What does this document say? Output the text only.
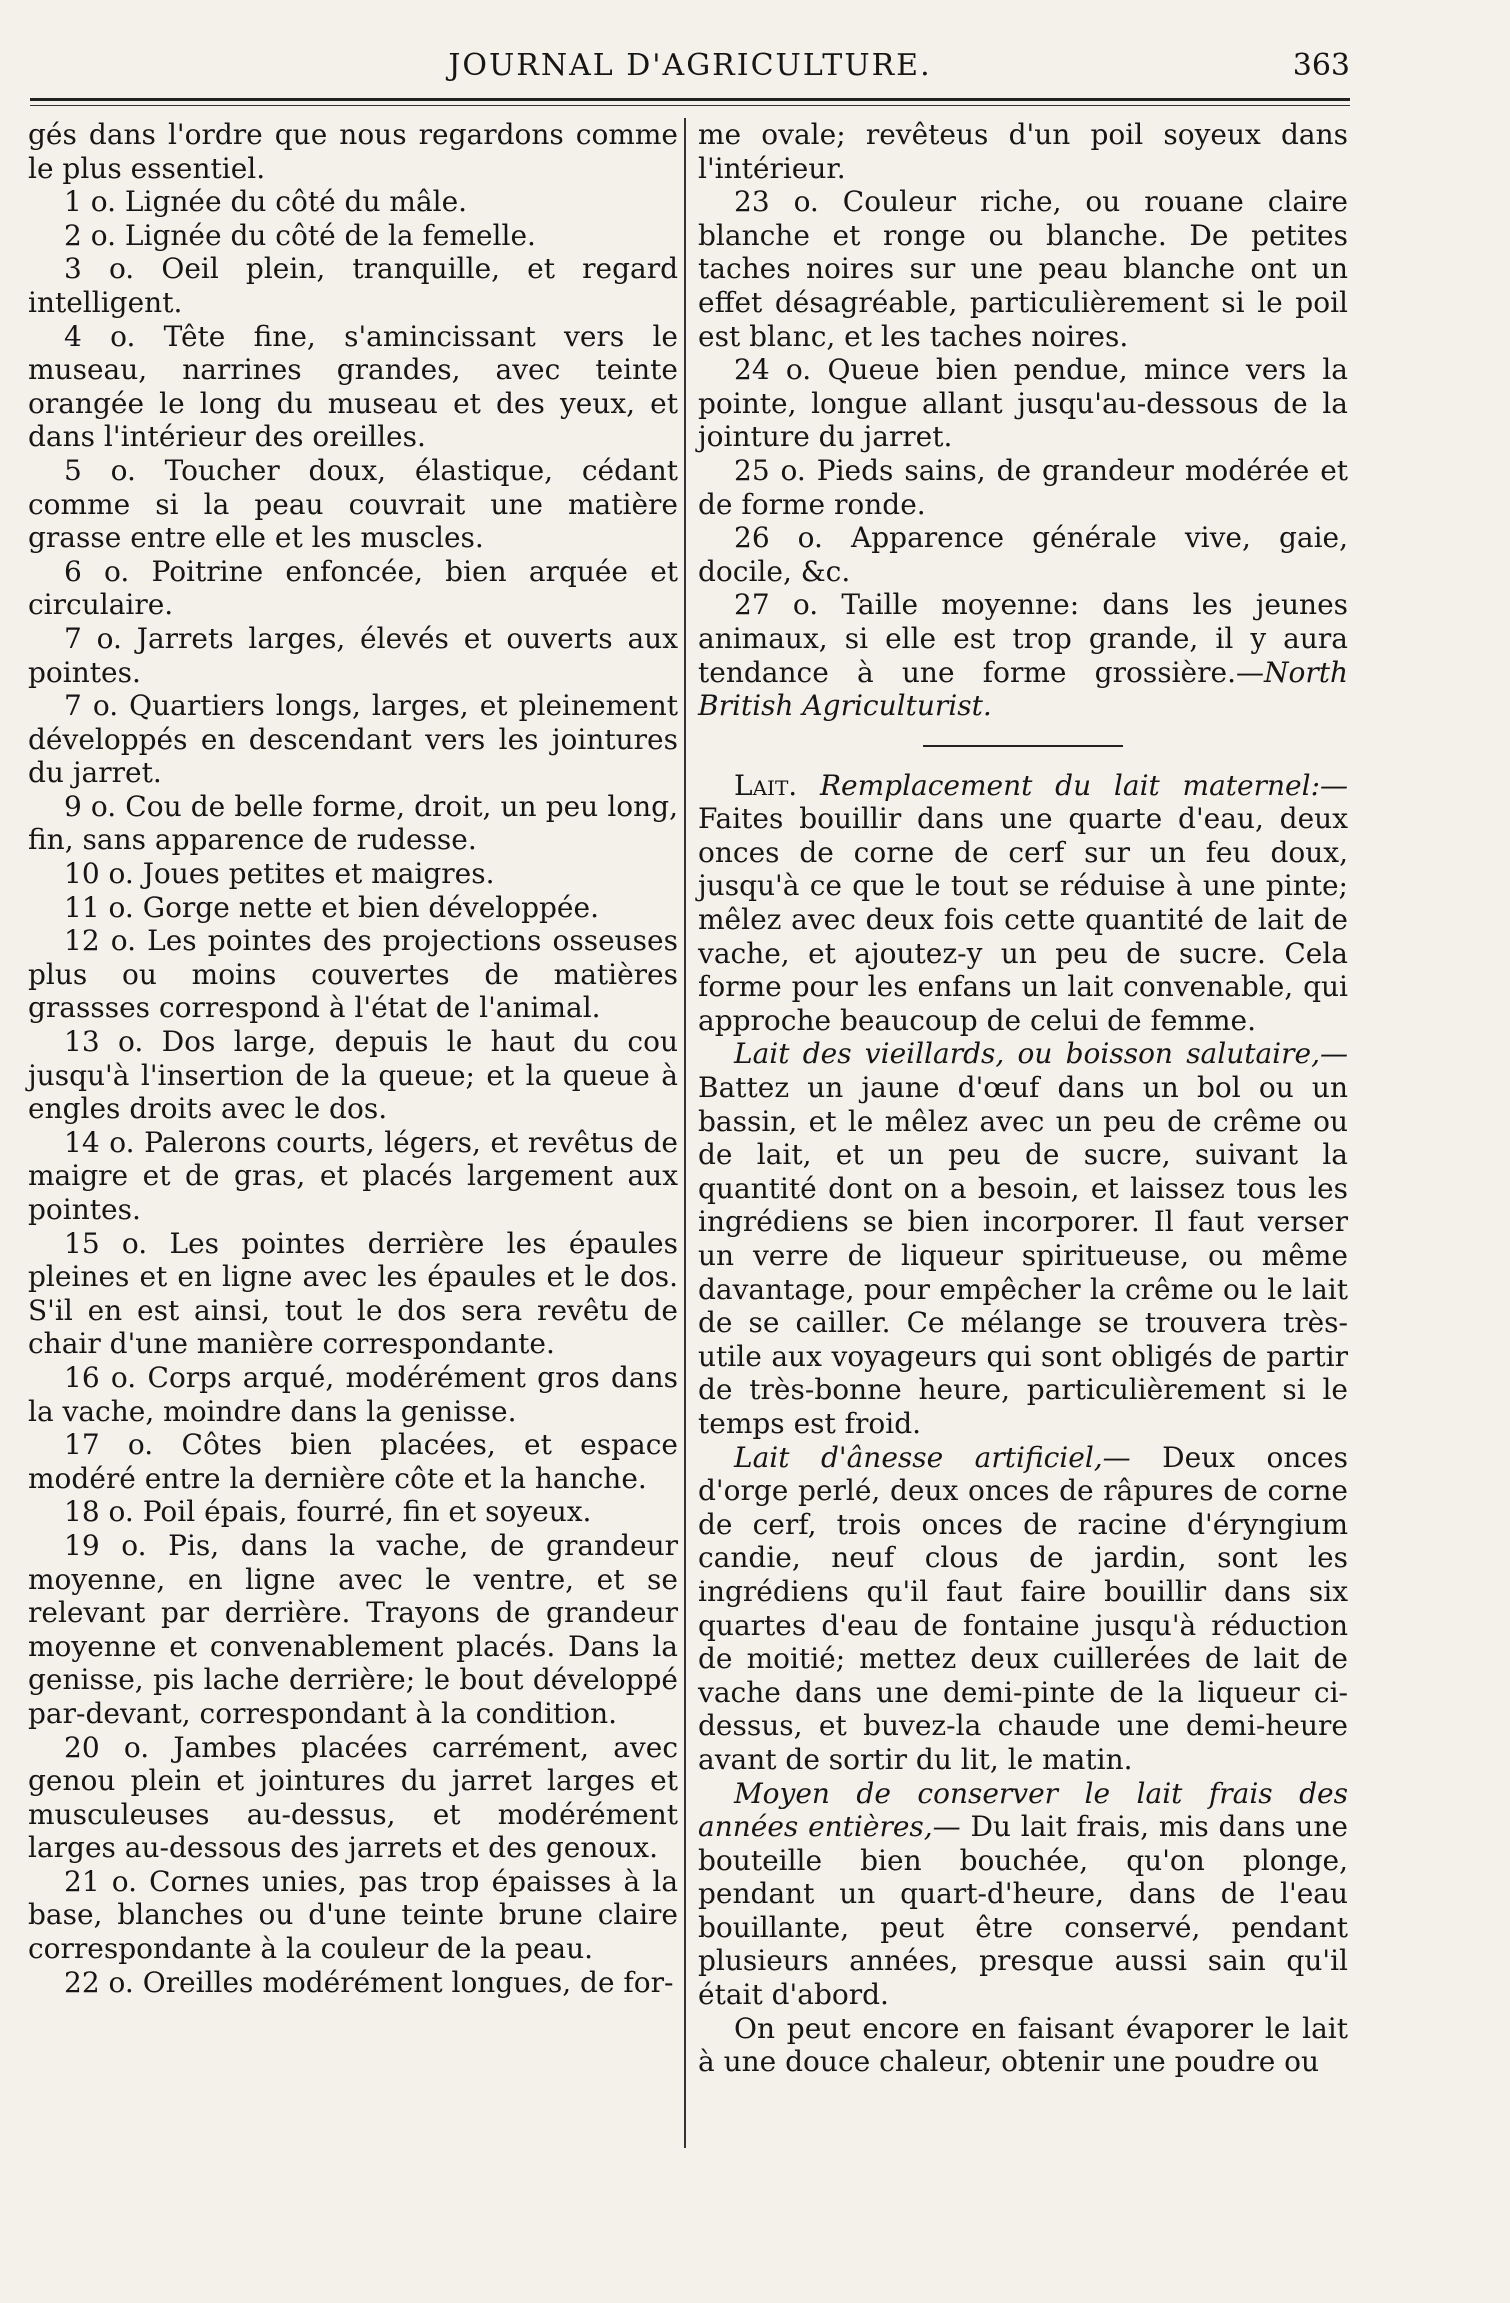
JOURNAL D'AGRICULTURE.	363

gés dans l'ordre que nous regardons comme le plus essentiel.

1 o. Lignée du côté du mâle.

2 o. Lignée du côté de la femelle.

3 o. Oeil plein, tranquille, et regard intelligent.

4 o. Tête fine, s'amincissant vers le museau, narrines grandes, avec teinte orangée le long du museau et des yeux, et dans l'intérieur des oreilles.

5 o. Toucher doux, élastique, cédant comme si la peau couvrait une matière grasse entre elle et les muscles.

6 o. Poitrine enfoncée, bien arquée et circulaire.

7 o. Jarrets larges, élevés et ouverts aux pointes.

7 o. Quartiers longs, larges, et pleinement développés en descendant vers les jointures du jarret.

9 o. Cou de belle forme, droit, un peu long, fin, sans apparence de rudesse.

10 o. Joues petites et maigres.

11 o. Gorge nette et bien développée.

12 o. Les pointes des projections osseuses plus ou moins couvertes de matières grassses correspond à l'état de l'animal.

13 o. Dos large, depuis le haut du cou jusqu'à l'insertion de la queue; et la queue à engles droits avec le dos.

14 o. Palerons courts, légers, et revêtus de maigre et de gras, et placés largement aux pointes.

15 o. Les pointes derrière les épaules pleines et en ligne avec les épaules et le dos. S'il en est ainsi, tout le dos sera revêtu de chair d'une manière correspondante.

16 o. Corps arqué, modérément gros dans la vache, moindre dans la genisse.

17 o. Côtes bien placées, et espace modéré entre la dernière côte et la hanche.

18 o. Poil épais, fourré, fin et soyeux.

19 o. Pis, dans la vache, de grandeur moyenne, en ligne avec le ventre, et se relevant par derrière. Trayons de grandeur moyenne et convenablement placés. Dans la genisse, pis lache derrière; le bout développé par-devant, correspondant à la condition.

20 o. Jambes placées carrément, avec genou plein et jointures du jarret larges et musculeuses au-dessus, et modérément larges au-dessous des jarrets et des genoux.

21 o. Cornes unies, pas trop épaisses à la base, blanches ou d'une teinte brune claire correspondante à la couleur de la peau.

22 o. Oreilles modérément longues, de for-

me ovale; revêteus d'un poil soyeux dans l'intérieur.

23 o. Couleur riche, ou rouane claire blanche et ronge ou blanche. De petites taches noires sur une peau blanche ont un effet désagréable, particulièrement si le poil est blanc, et les taches noires.

24 o. Queue bien pendue, mince vers la pointe, longue allant jusqu'au-dessous de la jointure du jarret.

25 o. Pieds sains, de grandeur modérée et de forme ronde.

26 o. Apparence générale vive, gaie, docile, &c.

27 o. Taille moyenne: dans les jeunes animaux, si elle est trop grande, il y aura tendance à une forme grossière.—North British Agriculturist.

Lait. Remplacement du lait maternel:— Faites bouillir dans une quarte d'eau, deux onces de corne de cerf sur un feu doux, jusqu'à ce que le tout se réduise à une pinte; mêlez avec deux fois cette quantité de lait de vache, et ajoutez-y un peu de sucre. Cela forme pour les enfans un lait convenable, qui approche beaucoup de celui de femme.

Lait des vieillards, ou boisson salutaire,— Battez un jaune d'œuf dans un bol ou un bassin, et le mêlez avec un peu de crême ou de lait, et un peu de sucre, suivant la quantité dont on a besoin, et laissez tous les ingrédiens se bien incorporer. Il faut verser un verre de liqueur spiritueuse, ou même davantage, pour empêcher la crême ou le lait de se cailler. Ce mélange se trouvera très-utile aux voyageurs qui sont obligés de partir de très-bonne heure, particulièrement si le temps est froid.

Lait d'ânesse artificiel,— Deux onces d'orge perlé, deux onces de râpures de corne de cerf, trois onces de racine d'éryngium candie, neuf clous de jardin, sont les ingrédiens qu'il faut faire bouillir dans six quartes d'eau de fontaine jusqu'à réduction de moitié; mettez deux cuillerées de lait de vache dans une demi-pinte de la liqueur ci-dessus, et buvez-la chaude une demi-heure avant de sortir du lit, le matin.

Moyen de conserver le lait frais des années entières,— Du lait frais, mis dans une bouteille bien bouchée, qu'on plonge, pendant un quart-d'heure, dans de l'eau bouillante, peut être conservé, pendant plusieurs années, presque aussi sain qu'il était d'abord.

On peut encore en faisant évaporer le lait à une douce chaleur, obtenir une poudre ou
